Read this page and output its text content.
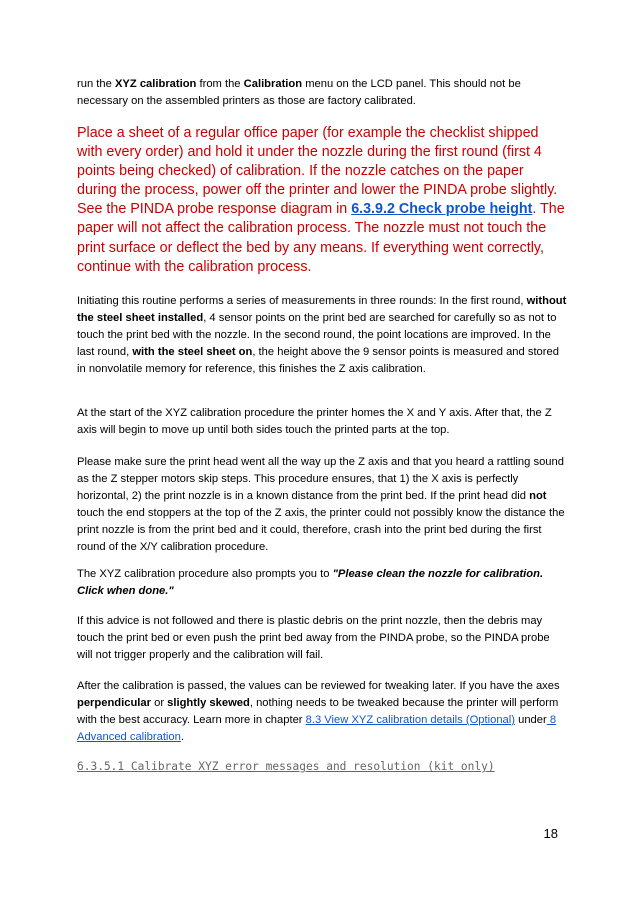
run the XYZ calibration from the Calibration menu on the LCD panel. This should not be necessary on the assembled printers as those are factory calibrated.

Place a sheet of a regular office paper (for example the checklist shipped with every order) and hold it under the nozzle during the first round (first 4 points being checked) of calibration. If the nozzle catches on the paper during the process, power off the printer and lower the PINDA probe slightly. See the PINDA probe response diagram in 6.3.9.2 Check probe height. The paper will not affect the calibration process. The nozzle must not touch the print surface or deflect the bed by any means. If everything went correctly, continue with the calibration process.

Initiating this routine performs a series of measurements in three rounds: In the first round, without the steel sheet installed, 4 sensor points on the print bed are searched for carefully so as not to touch the print bed with the nozzle. In the second round, the point locations are improved. In the last round, with the steel sheet on, the height above the 9 sensor points is measured and stored in nonvolatile memory for reference, this finishes the Z axis calibration.

At the start of the XYZ calibration procedure the printer homes the X and Y axis. After that, the Z axis will begin to move up until both sides touch the printed parts at the top.

Please make sure the print head went all the way up the Z axis and that you heard a rattling sound as the Z stepper motors skip steps. This procedure ensures, that 1) the X axis is perfectly horizontal, 2) the print nozzle is in a known distance from the print bed. If the print head did not touch the end stoppers at the top of the Z axis, the printer could not possibly know the distance the print nozzle is from the print bed and it could, therefore, crash into the print bed during the first round of the X/Y calibration procedure.

The XYZ calibration procedure also prompts you to "Please clean the nozzle for calibration. Click when done."

If this advice is not followed and there is plastic debris on the print nozzle, then the debris may touch the print bed or even push the print bed away from the PINDA probe, so the PINDA probe will not trigger properly and the calibration will fail.

After the calibration is passed, the values can be reviewed for tweaking later. If you have the axes perpendicular or slightly skewed, nothing needs to be tweaked because the printer will perform with the best accuracy. Learn more in chapter 8.3 View XYZ calibration details (Optional) under 8 Advanced calibration.

6.3.5.1 Calibrate XYZ error messages and resolution (kit only)

18
